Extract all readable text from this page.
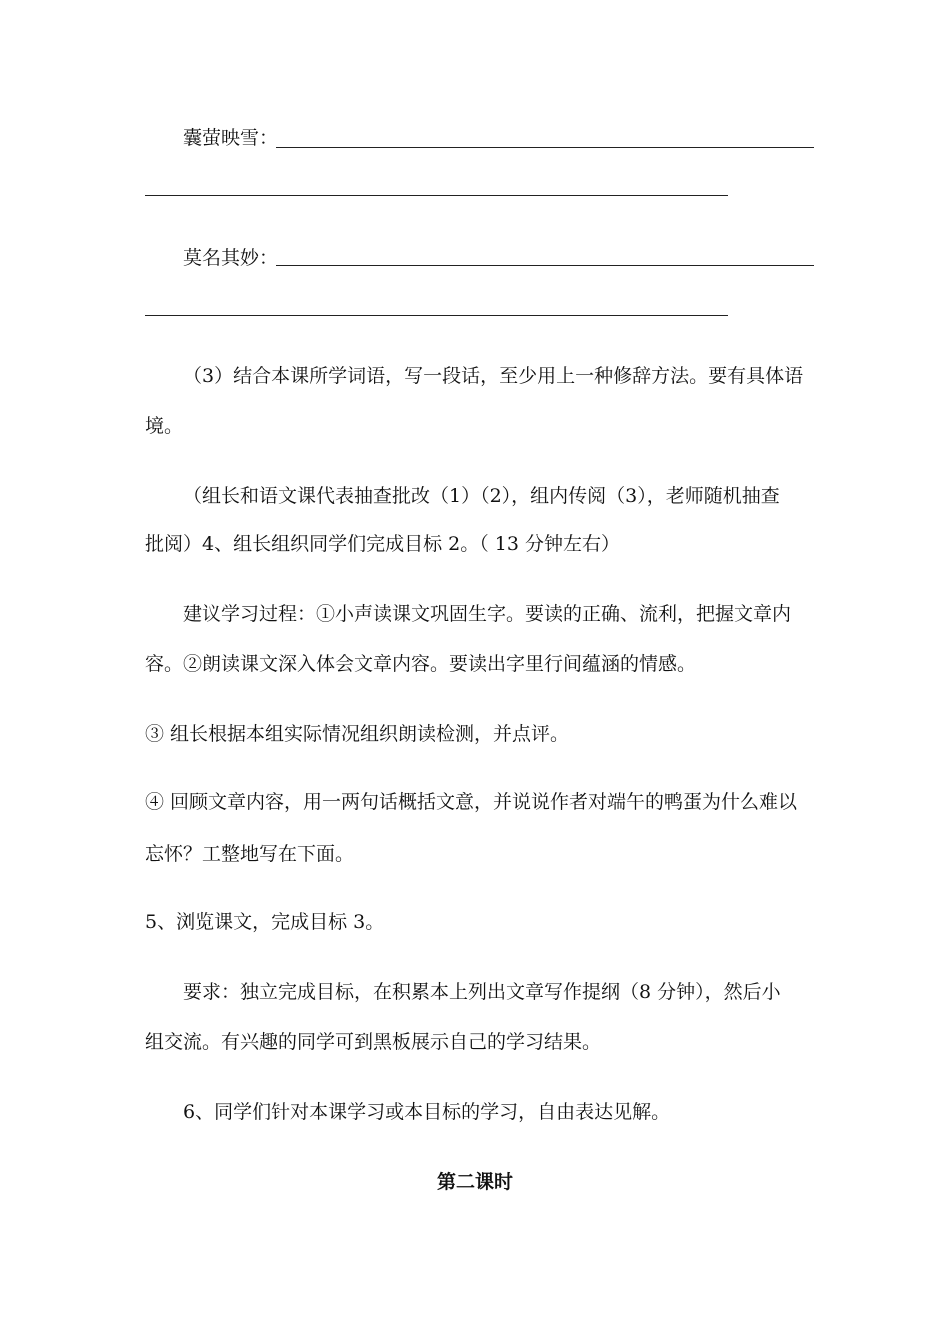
囊萤映雪：
莫名其妙：
（3）结合本课所学词语，写一段话，至少用上一种修辞方法。要有具体语
境。
（组长和语文课代表抽查批改（1）（2），组内传阅（3），老师随机抽查
批阅）4、组长组织同学们完成目标 2。（ 13 分钟左右）
建议学习过程：①小声读课文巩固生字。要读的正确、流利，把握文章内
容。②朗读课文深入体会文章内容。要读出字里行间蕴涵的情感。
③ 组长根据本组实际情况组织朗读检测，并点评。
④ 回顾文章内容，用一两句话概括文意，并说说作者对端午的鸭蛋为什么难以
忘怀？工整地写在下面。
5、浏览课文，完成目标 3。
要求：独立完成目标，在积累本上列出文章写作提纲（8 分钟），然后小
组交流。有兴趣的同学可到黑板展示自己的学习结果。
6、同学们针对本课学习或本目标的学习，自由表达见解。
第二课时
